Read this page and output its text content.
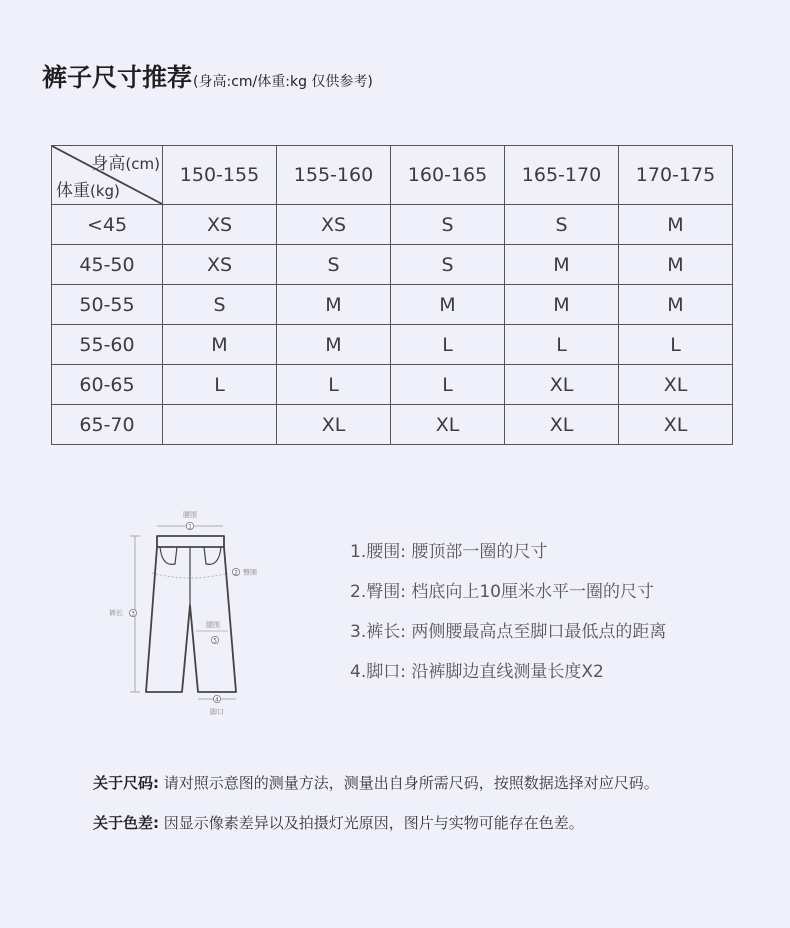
裤子尺寸推荐 (身高:cm/体重:kg 仅供参考)
身高(cm)
体重(kg)	150-155	155-160	160-165	165-170	170-175
<45	XS	XS	S	S	M
45-50	XS	S	S	M	M
50-55	S	M	M	M	M
55-60	M	M	L	L	L
60-65	L	L	L	XL	XL
65-70		XL	XL	XL	XL
腰围
1
裤长 3
2 臀围
腿围
5
4
脚口
1.腰围: 腰顶部一圈的尺寸
2.臀围: 档底向上10厘米水平一圈的尺寸
3.裤长: 两侧腰最高点至脚口最低点的距离
4.脚口: 沿裤脚边直线测量长度X2
关于尺码: 请对照示意图的测量方法，测量出自身所需尺码，按照数据选择对应尺码。
关于色差: 因显示像素差异以及拍摄灯光原因，图片与实物可能存在色差。
